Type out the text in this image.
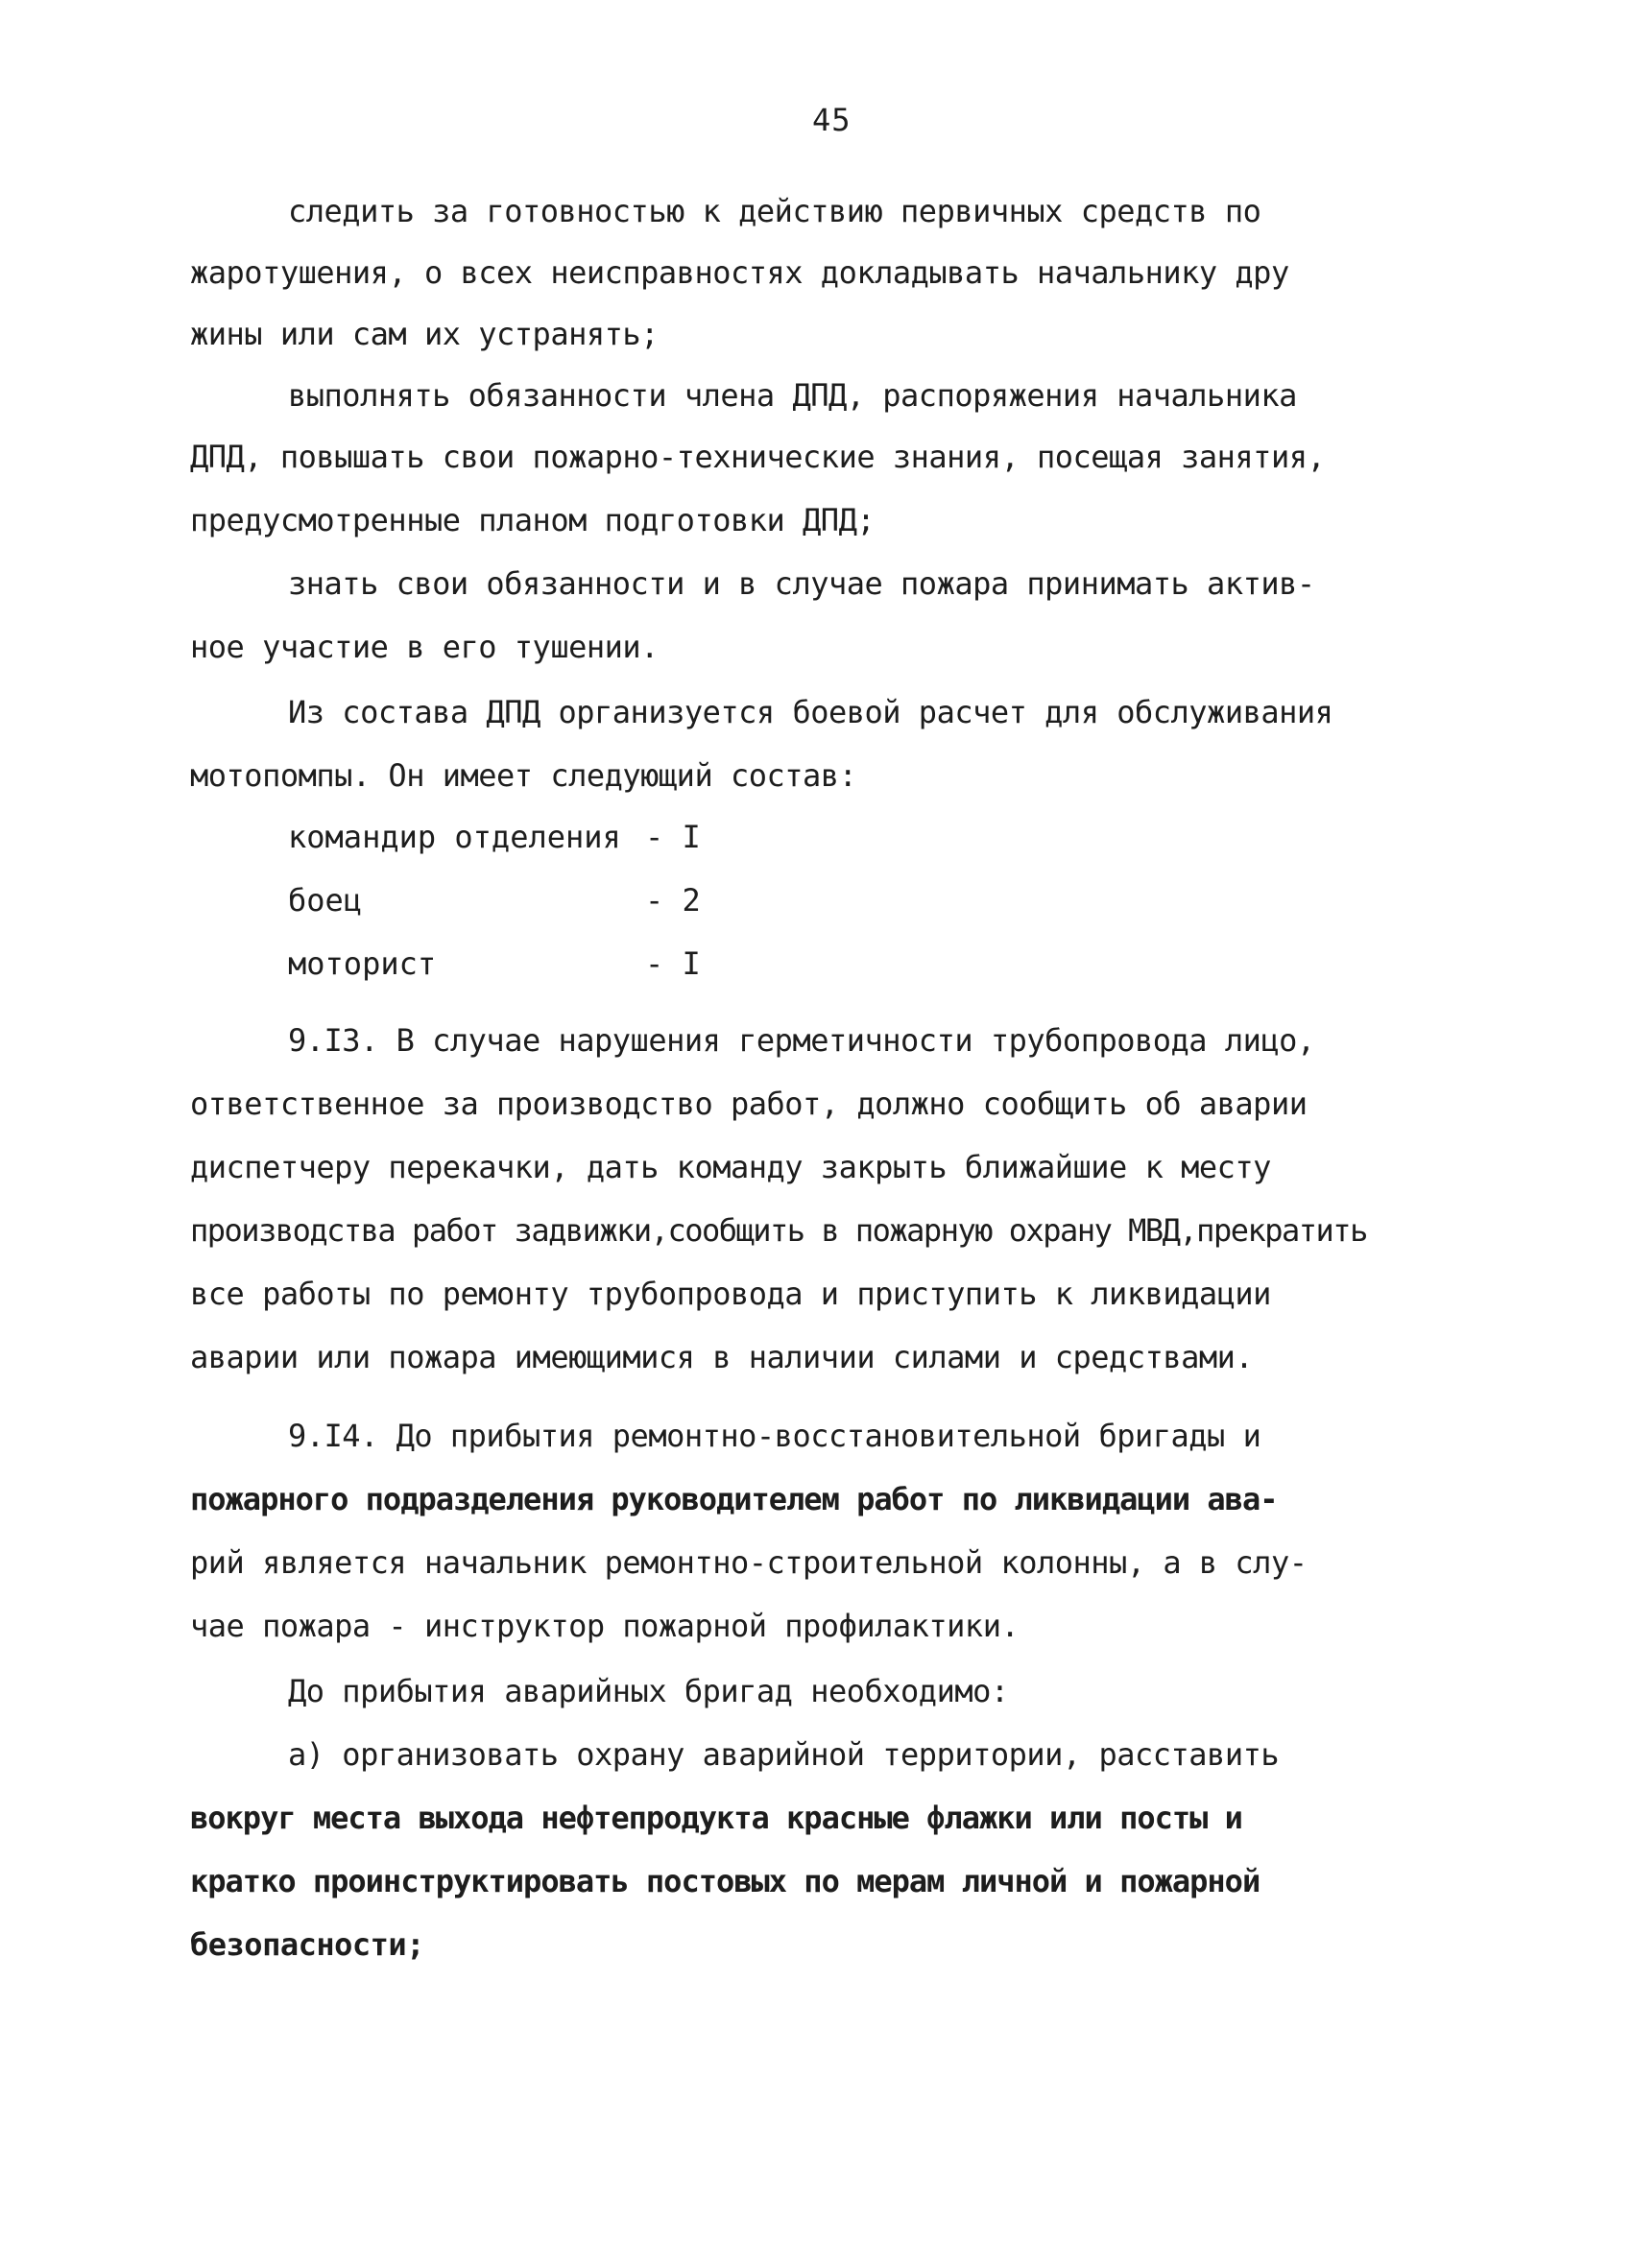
45
следить за готовностью к действию первичных средств по
жаротушения, о всех неисправностях докладывать начальнику дру
жины или сам их устранять;
выполнять обязанности члена ДПД, распоряжения начальника
ДПД, повышать свои пожарно-технические знания, посещая занятия,
предусмотренные планом подготовки ДПД;
знать свои обязанности и в случае пожара принимать актив-
ное участие в его тушении.
Из состава ДПД организуется боевой расчет для обслуживания
мотопомпы. Он имеет следующий состав:
командир отделения - I
боец	- 2
моторист	- I
9.I3. В случае нарушения герметичности трубопровода лицо,
ответственное за производство работ, должно сообщить об аварии
диспетчеру перекачки, дать команду закрыть ближайшие к месту
производства работ задвижки,сообщить в пожарную охрану МВД,прекратить
все работы по ремонту трубопровода и приступить к ликвидации
аварии или пожара имеющимися в наличии силами и средствами.
9.I4. До прибытия ремонтно-восстановительной бригады и
пожарного подразделения руководителем работ по ликвидации ава-
рий является начальник ремонтно-строительной колонны, а в слу-
чае пожара - инструктор пожарной профилактики.
До прибытия аварийных бригад необходимо:
а) организовать охрану аварийной территории, расставить
вокруг места выхода нефтепродукта красные флажки или посты и
кратко проинструктировать постовых по мерам личной и пожарной
безопасности;
